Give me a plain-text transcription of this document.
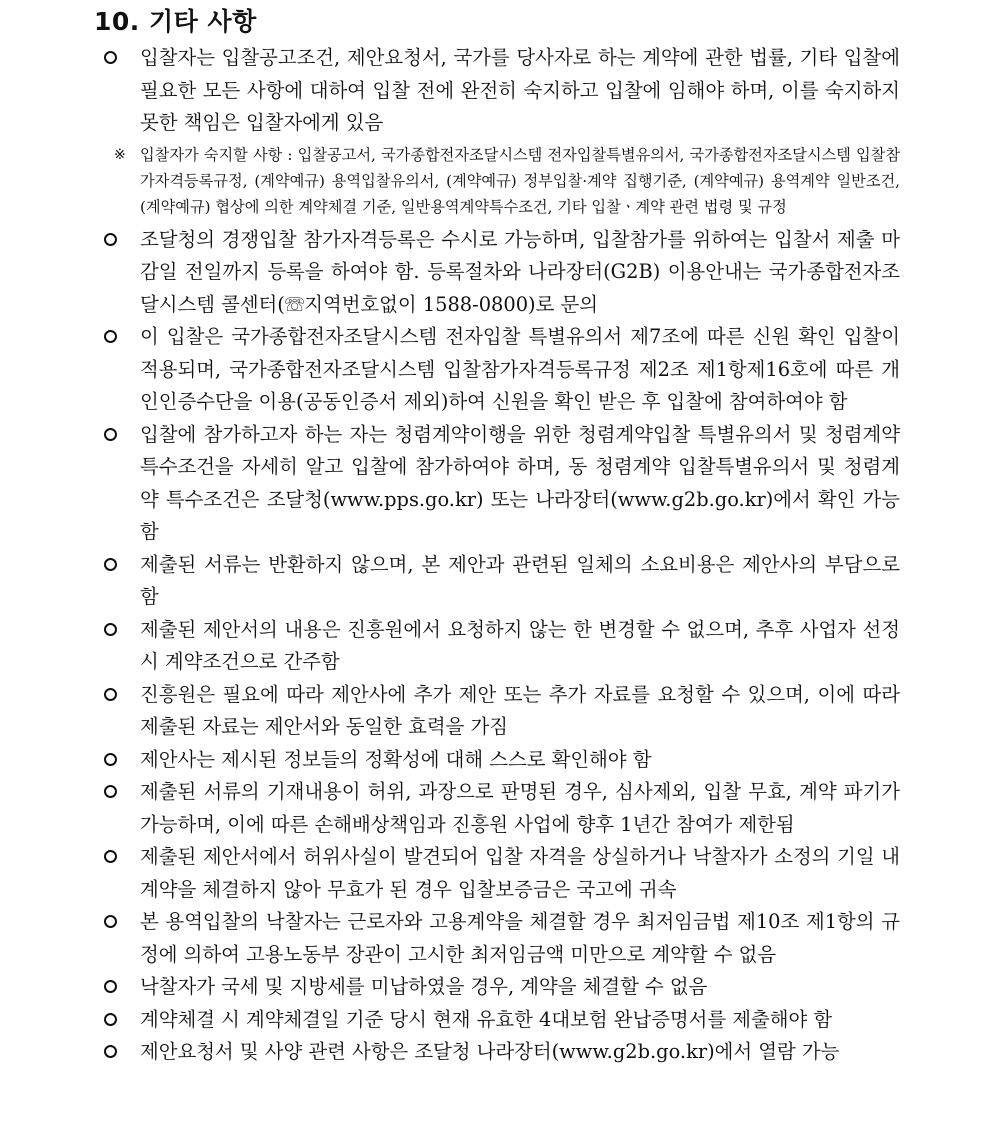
10. 기타 사항
입찰자는 입찰공고조건, 제안요청서, 국가를 당사자로 하는 계약에 관한 법률, 기타 입찰에 필요한 모든 사항에 대하여 입찰 전에 완전히 숙지하고 입찰에 임해야 하며, 이를 숙지하지 못한 책임은 입찰자에게 있음
※ 입찰자가 숙지할 사항 : 입찰공고서, 국가종합전자조달시스템 전자입찰특별유의서, 국가종합전자조달시스템 입찰참가자격등록규정, (계약예규) 용역입찰유의서, (계약예규) 정부입찰·계약 집행기준, (계약예규) 용역계약 일반조건, (계약예규) 협상에 의한 계약체결 기준, 일반용역계약특수조건, 기타 입찰ㆍ계약 관련 법령 및 규정
조달청의 경쟁입찰 참가자격등록은 수시로 가능하며, 입찰참가를 위하여는 입찰서 제출 마감일 전일까지 등록을 하여야 함. 등록절차와 나라장터(G2B) 이용안내는 국가종합전자조달시스템 콜센터(☏지역번호없이 1588-0800)로 문의
이 입찰은 국가종합전자조달시스템 전자입찰 특별유의서 제7조에 따른 신원 확인 입찰이 적용되며, 국가종합전자조달시스템 입찰참가자격등록규정 제2조 제1항제16호에 따른 개인인증수단을 이용(공동인증서 제외)하여 신원을 확인 받은 후 입찰에 참여하여야 함
입찰에 참가하고자 하는 자는 청렴계약이행을 위한 청렴계약입찰 특별유의서 및 청렴계약 특수조건을 자세히 알고 입찰에 참가하여야 하며, 동 청렴계약 입찰특별유의서 및 청렴계약 특수조건은 조달청(www.pps.go.kr) 또는 나라장터(www.g2b.go.kr)에서 확인 가능함
제출된 서류는 반환하지 않으며, 본 제안과 관련된 일체의 소요비용은 제안사의 부담으로 함
제출된 제안서의 내용은 진흥원에서 요청하지 않는 한 변경할 수 없으며, 추후 사업자 선정 시 계약조건으로 간주함
진흥원은 필요에 따라 제안사에 추가 제안 또는 추가 자료를 요청할 수 있으며, 이에 따라 제출된 자료는 제안서와 동일한 효력을 가짐
제안사는 제시된 정보들의 정확성에 대해 스스로 확인해야 함
제출된 서류의 기재내용이 허위, 과장으로 판명된 경우, 심사제외, 입찰 무효, 계약 파기가 가능하며, 이에 따른 손해배상책임과 진흥원 사업에 향후 1년간 참여가 제한됨
제출된 제안서에서 허위사실이 발견되어 입찰 자격을 상실하거나 낙찰자가 소정의 기일 내 계약을 체결하지 않아 무효가 된 경우 입찰보증금은 국고에 귀속
본 용역입찰의 낙찰자는 근로자와 고용계약을 체결할 경우 최저임금법 제10조 제1항의 규정에 의하여 고용노동부 장관이 고시한 최저임금액 미만으로 계약할 수 없음
낙찰자가 국세 및 지방세를 미납하였을 경우, 계약을 체결할 수 없음
계약체결 시 계약체결일 기준 당시 현재 유효한 4대보험 완납증명서를 제출해야 함
제안요청서 및 사양 관련 사항은 조달청 나라장터(www.g2b.go.kr)에서 열람 가능
